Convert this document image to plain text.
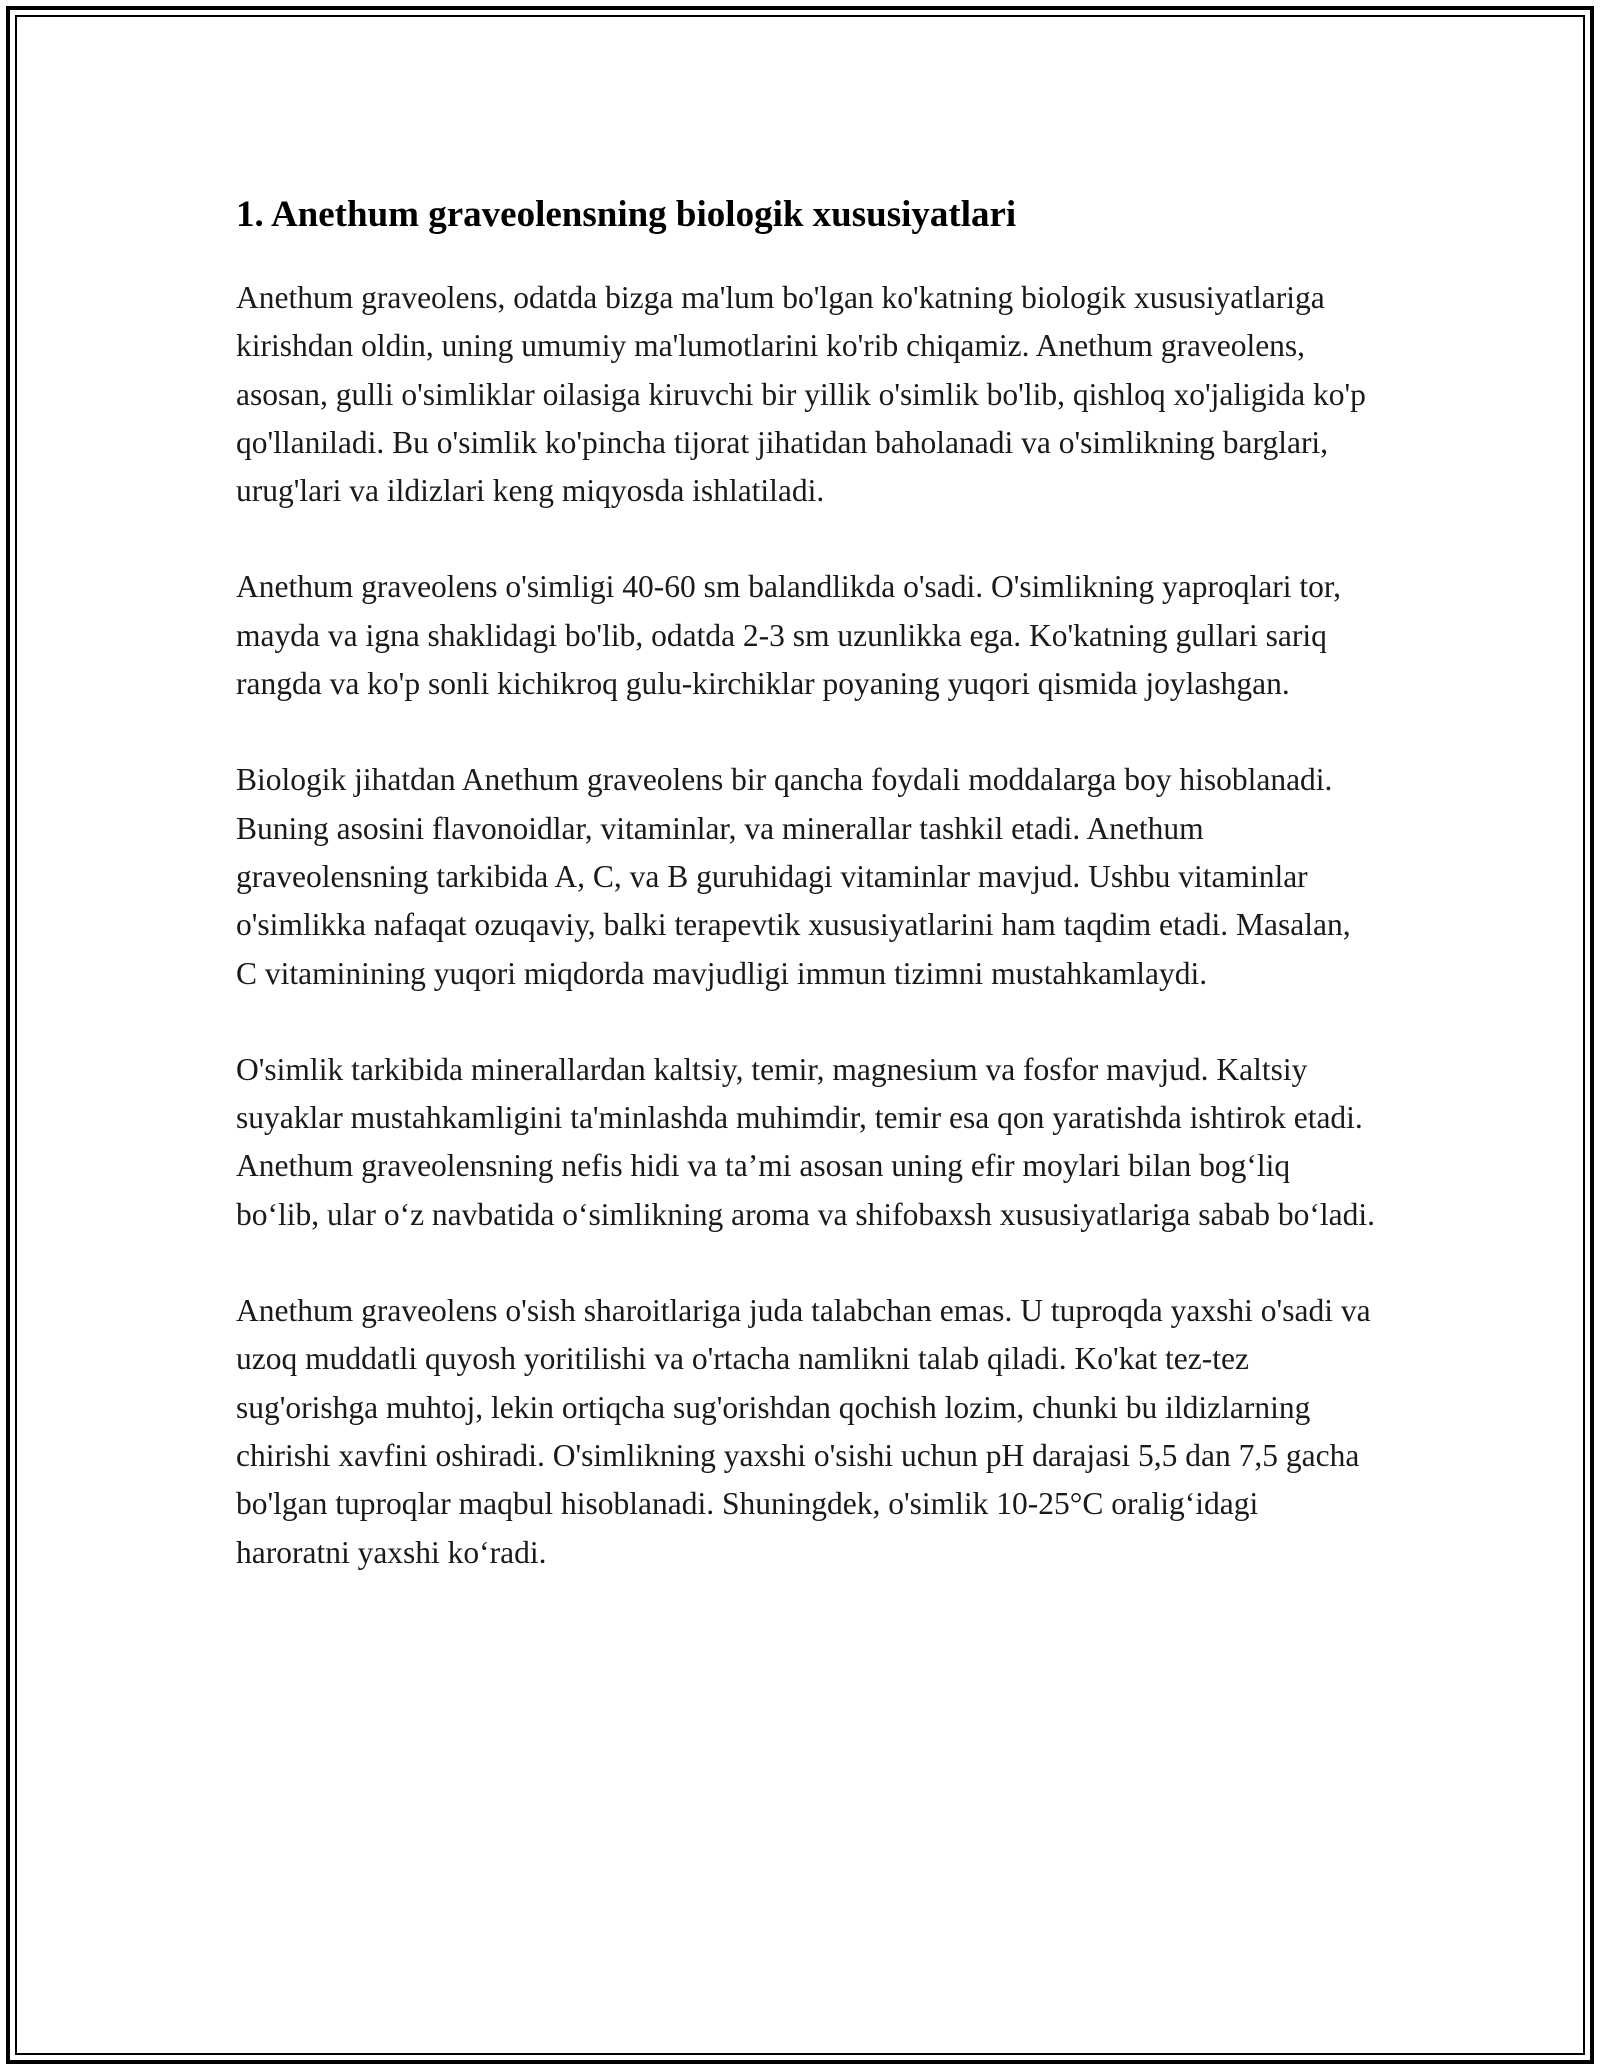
1. Anethum graveolensning biologik xususiyatlari

Anethum graveolens, odatda bizga ma'lum bo'lgan ko'katning biologik xususiyatlariga kirishdan oldin, uning umumiy ma'lumotlarini ko'rib chiqamiz. Anethum graveolens, asosan, gulli o'simliklar oilasiga kiruvchi bir yillik o'simlik bo'lib, qishloq xo'jaligida ko'p qo'llaniladi. Bu o'simlik ko'pincha tijorat jihatidan baholanadi va o'simlikning barglari, urug'lari va ildizlari keng miqyosda ishlatiladi.

Anethum graveolens o'simligi 40-60 sm balandlikda o'sadi. O'simlikning yaproqlari tor, mayda va igna shaklidagi bo'lib, odatda 2-3 sm uzunlikka ega. Ko'katning gullari sariq rangda va ko'p sonli kichikroq gulu-kirchiklar poyaning yuqori qismida joylashgan.

Biologik jihatdan Anethum graveolens bir qancha foydali moddalarga boy hisoblanadi. Buning asosini flavonoidlar, vitaminlar, va minerallar tashkil etadi. Anethum graveolensning tarkibida A, C, va B guruhidagi vitaminlar mavjud. Ushbu vitaminlar o'simlikka nafaqat ozuqaviy, balki terapevtik xususiyatlarini ham taqdim etadi. Masalan, C vitaminining yuqori miqdorda mavjudligi immun tizimni mustahkamlaydi.

O'simlik tarkibida minerallardan kaltsiy, temir, magnesium va fosfor mavjud. Kaltsiy suyaklar mustahkamligini ta'minlashda muhimdir, temir esa qon yaratishda ishtirok etadi. Anethum graveolensning nefis hidi va ta’mi asosan uning efir moylari bilan bog‘liq bo‘lib, ular o‘z navbatida o‘simlikning aroma va shifobaxsh xususiyatlariga sabab bo‘ladi.

Anethum graveolens o'sish sharoitlariga juda talabchan emas. U tuproqda yaxshi o'sadi va uzoq muddatli quyosh yoritilishi va o'rtacha namlikni talab qiladi. Ko'kat tez-tez sug'orishga muhtoj, lekin ortiqcha sug'orishdan qochish lozim, chunki bu ildizlarning chirishi xavfini oshiradi. O'simlikning yaxshi o'sishi uchun pH darajasi 5,5 dan 7,5 gacha bo'lgan tuproqlar maqbul hisoblanadi. Shuningdek, o'simlik 10-25°C oralig‘idagi haroratni yaxshi ko‘radi.
